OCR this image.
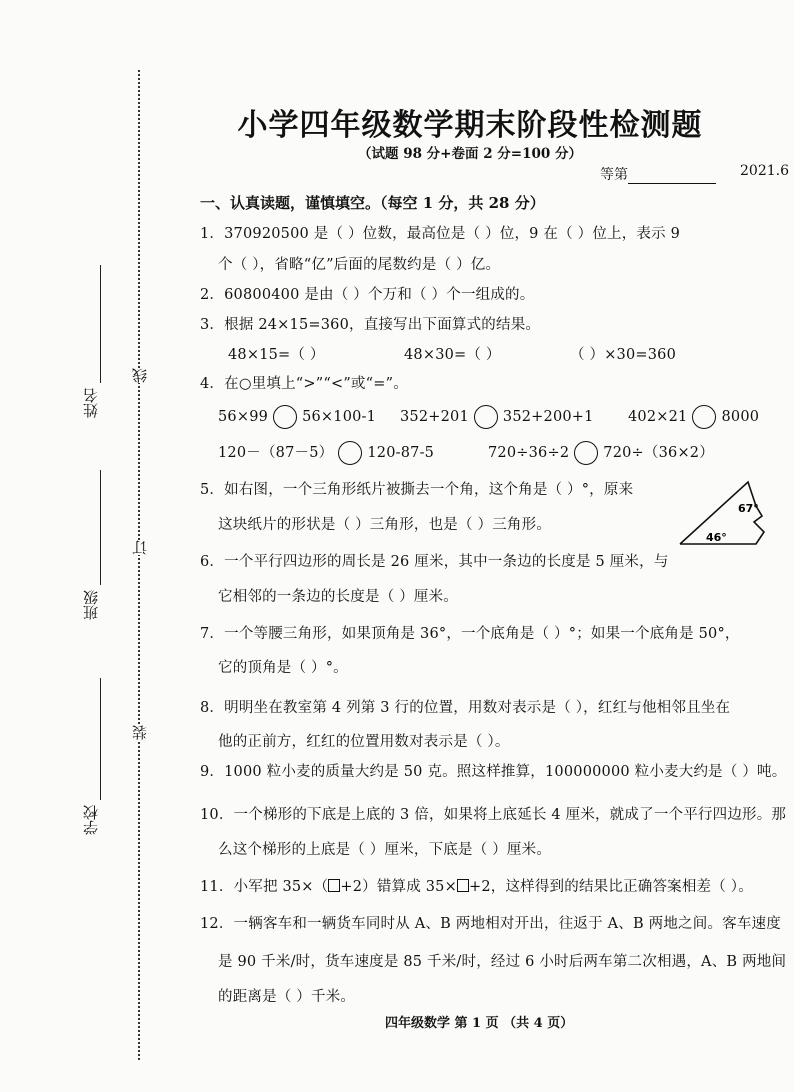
姓名
班级
学校
线
订
装
小学四年级数学期末阶段性检测题
（试题 98 分+卷面 2 分=100 分）
等第	2021.6
一、认真读题，谨慎填空。（每空 1 分，共 28 分）
1．370920500 是（ ）位数，最高位是（ ）位，9 在（ ）位上，表示 9
个（ ），省略“亿”后面的尾数约是（ ）亿。
2．60800400 是由（ ）个万和（ ）个一组成的。
3．根据 24×15=360，直接写出下面算式的结果。
48×15=（ ）	48×30=（ ）	（ ）×30=360
4．在○里填上“>”“<”或“=”。
56×99 56×100-1 352+201 352+200+1 402×21 8000
120－（87－5） 120-87-5	720÷36÷2 720÷（36×2）
5．如右图，一个三角形纸片被撕去一个角，这个角是（ ）°，原来
这块纸片的形状是（ ）三角形，也是（ ）三角形。
67°
46°
6．一个平行四边形的周长是 26 厘米，其中一条边的长度是 5 厘米，与
它相邻的一条边的长度是（ ）厘米。
7．一个等腰三角形，如果顶角是 36°，一个底角是（ ）°；如果一个底角是 50°，
它的顶角是（ ）°。
8．明明坐在教室第 4 列第 3 行的位置，用数对表示是（ ），红红与他相邻且坐在
他的正前方，红红的位置用数对表示是（ ）。
9．1000 粒小麦的质量大约是 50 克。照这样推算，100000000 粒小麦大约是（ ）吨。
10．一个梯形的下底是上底的 3 倍，如果将上底延长 4 厘米，就成了一个平行四边形。那
么这个梯形的上底是（ ）厘米，下底是（ ）厘米。
11．小军把 35×（ +2）错算成 35× +2，这样得到的结果比正确答案相差（ ）。
12．一辆客车和一辆货车同时从 A、B 两地相对开出，往返于 A、B 两地之间。客车速度
是 90 千米/时，货车速度是 85 千米/时，经过 6 小时后两车第二次相遇，A、B 两地间
的距离是（ ）千米。
四年级数学 第 1 页 （共 4 页）
